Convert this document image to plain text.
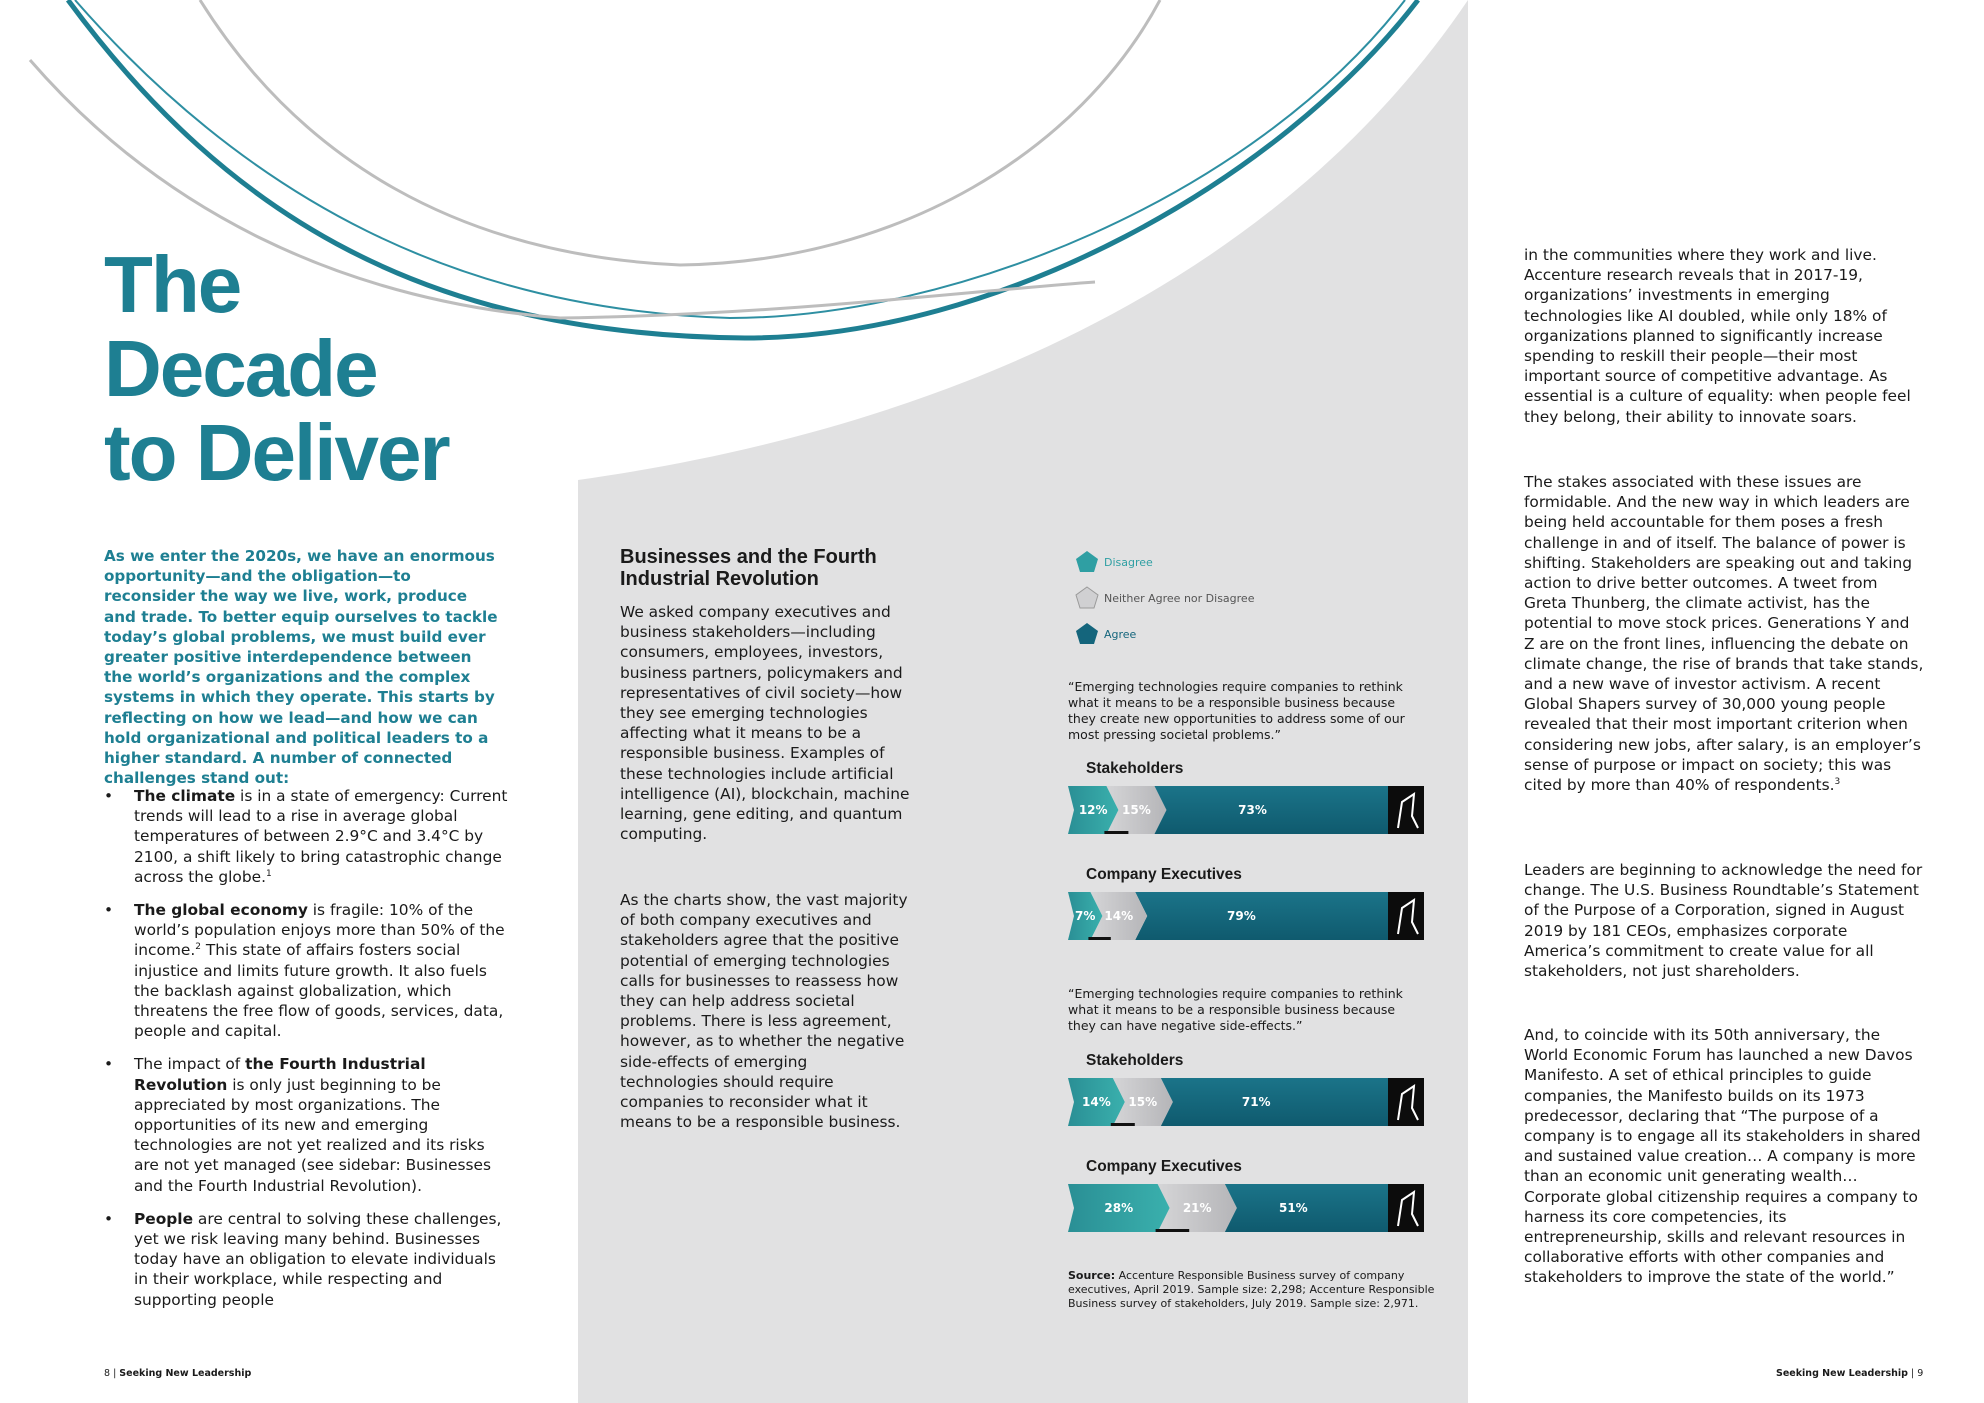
The
Decade
to Deliver
As we enter the 2020s, we have an enormous opportunity—and the obligation—to reconsider the way we live, work, produce and trade. To better equip ourselves to tackle today’s global problems, we must build ever greater positive interdependence between the world’s organizations and the complex systems in which they operate. This starts by reflecting on how we lead—and how we can hold organizational and political leaders to a higher standard. A number of connected challenges stand out:
• The climate is in a state of emergency: Current trends will lead to a rise in average global temperatures of between 2.9°C and 3.4°C by 2100, a shift likely to bring catastrophic change across the globe.$^1$
• The global economy is fragile: 10% of the world’s population enjoys more than 50% of the income.$^2$ This state of affairs fosters social injustice and limits future growth. It also fuels the backlash against globalization, which threatens the free flow of goods, services, data, people and capital.
• The impact of the Fourth Industrial Revolution is only just beginning to be appreciated by most organizations. The opportunities of its new and emerging technologies are not yet realized and its risks are not yet managed (see sidebar: Businesses and the Fourth Industrial Revolution).
• People are central to solving these challenges, yet we risk leaving many behind. Businesses today have an obligation to elevate individuals in their workplace, while respecting and supporting people
Businesses and the Fourth Industrial Revolution

We asked company executives and business stakeholders—including consumers, employees, investors, business partners, policymakers and representatives of civil society—how they see emerging technologies affecting what it means to be a responsible business. Examples of these technologies include artificial intelligence (AI), blockchain, machine learning, gene editing, and quantum computing.

As the charts show, the vast majority of both company executives and stakeholders agree that the positive potential of emerging technologies calls for businesses to reassess how they can help address societal problems. There is less agreement, however, as to whether the negative side-effects of emerging technologies should require companies to reconsider what it means to be a responsible business.

Disagree
Neither Agree nor Disagree
Agree
“Emerging technologies require companies to rethink what it means to be a responsible business because they create new opportunities to address some of our most pressing societal problems.”
Stakeholders
12% 15%	73%
Company Executives
7% 14%	79%
“Emerging technologies require companies to rethink what it means to be a responsible business because they can have negative side-effects.”
Stakeholders
14% 15%	71%
Company Executives
28%	21%	51%
Source: Accenture Responsible Business survey of company executives, April 2019. Sample size: 2,298; Accenture Responsible Business survey of stakeholders, July 2019. Sample size: 2,971.

in the communities where they work and live. Accenture research reveals that in 2017-19, organizations’ investments in emerging technologies like AI doubled, while only 18% of organizations planned to significantly increase spending to reskill their people—their most important source of competitive advantage. As essential is a culture of equality: when people feel they belong, their ability to innovate soars.

The stakes associated with these issues are formidable. And the new way in which leaders are being held accountable for them poses a fresh challenge in and of itself. The balance of power is shifting. Stakeholders are speaking out and taking action to drive better outcomes. A tweet from Greta Thunberg, the climate activist, has the potential to move stock prices. Generations Y and Z are on the front lines, influencing the debate on climate change, the rise of brands that take stands, and a new wave of investor activism. A recent Global Shapers survey of 30,000 young people revealed that their most important criterion when considering new jobs, after salary, is an employer’s sense of purpose or impact on society; this was cited by more than 40% of respondents.$^3$

Leaders are beginning to acknowledge the need for change. The U.S. Business Roundtable’s Statement of the Purpose of a Corporation, signed in August 2019 by 181 CEOs, emphasizes corporate America’s commitment to create value for all stakeholders, not just shareholders.

And, to coincide with its 50th anniversary, the World Economic Forum has launched a new Davos Manifesto. A set of ethical principles to guide companies, the Manifesto builds on its 1973 predecessor, declaring that “The purpose of a company is to engage all its stakeholders in shared and sustained value creation… A company is more than an economic unit generating wealth… Corporate global citizenship requires a company to harness its core competencies, its entrepreneurship, skills and relevant resources in collaborative efforts with other companies and stakeholders to improve the state of the world.”

8 | Seeking New Leadership	Seeking New Leadership | 9
